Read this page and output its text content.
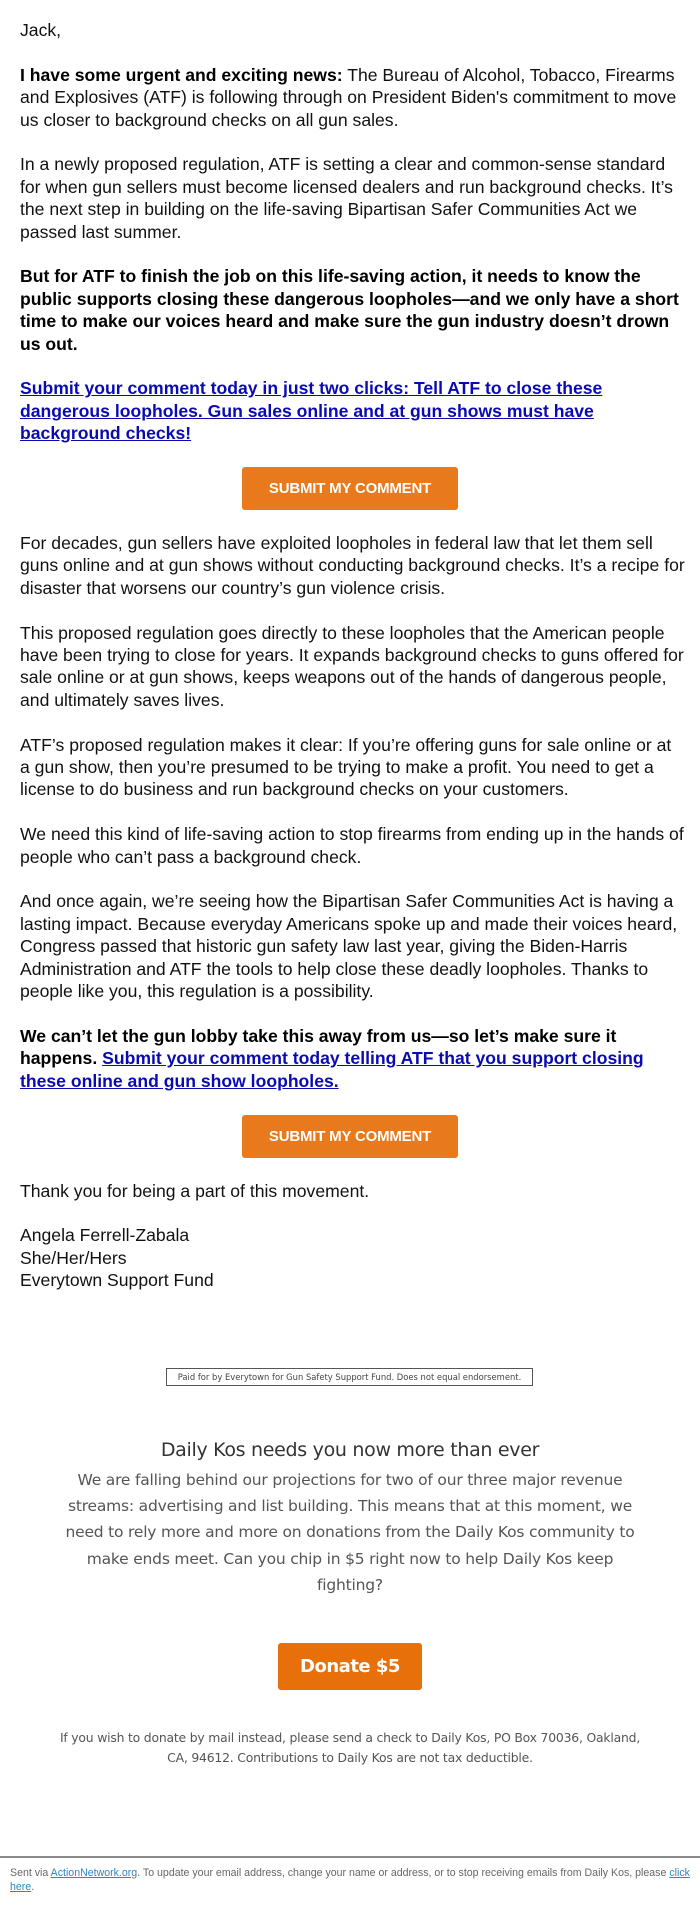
Jack,

I have some urgent and exciting news: The Bureau of Alcohol, Tobacco, Firearms and Explosives (ATF) is following through on President Biden's commitment to move us closer to background checks on all gun sales.

In a newly proposed regulation, ATF is setting a clear and common-sense standard for when gun sellers must become licensed dealers and run background checks. It’s the next step in building on the life-saving Bipartisan Safer Communities Act we passed last summer.

But for ATF to finish the job on this life-saving action, it needs to know the public supports closing these dangerous loopholes—and we only have a short time to make our voices heard and make sure the gun industry doesn’t drown us out.

Submit your comment today in just two clicks: Tell ATF to close these dangerous loopholes. Gun sales online and at gun shows must have background checks!

SUBMIT MY COMMENT

For decades, gun sellers have exploited loopholes in federal law that let them sell guns online and at gun shows without conducting background checks. It’s a recipe for disaster that worsens our country’s gun violence crisis.

This proposed regulation goes directly to these loopholes that the American people have been trying to close for years. It expands background checks to guns offered for sale online or at gun shows, keeps weapons out of the hands of dangerous people, and ultimately saves lives.

ATF’s proposed regulation makes it clear: If you’re offering guns for sale online or at a gun show, then you’re presumed to be trying to make a profit. You need to get a license to do business and run background checks on your customers.

We need this kind of life-saving action to stop firearms from ending up in the hands of people who can’t pass a background check.

And once again, we’re seeing how the Bipartisan Safer Communities Act is having a lasting impact. Because everyday Americans spoke up and made their voices heard, Congress passed that historic gun safety law last year, giving the Biden-Harris Administration and ATF the tools to help close these deadly loopholes. Thanks to people like you, this regulation is a possibility.

We can’t let the gun lobby take this away from us—so let’s make sure it happens. Submit your comment today telling ATF that you support closing these online and gun show loopholes.

SUBMIT MY COMMENT

Thank you for being a part of this movement.

Angela Ferrell-Zabala

She/Her/Hers

Everytown Support Fund

Paid for by Everytown for Gun Safety Support Fund. Does not equal endorsement.
Daily Kos needs you now more than ever

We are falling behind our projections for two of our three major revenue streams: advertising and list building. This means that at this moment, we need to rely more and more on donations from the Daily Kos community to make ends meet. Can you chip in $5 right now to help Daily Kos keep fighting?

Donate $5
If you wish to donate by mail instead, please send a check to Daily Kos, PO Box 70036, Oakland, CA, 94612. Contributions to Daily Kos are not tax deductible.
Sent via ActionNetwork.org. To update your email address, change your name or address, or to stop receiving emails from Daily Kos, please click here.
